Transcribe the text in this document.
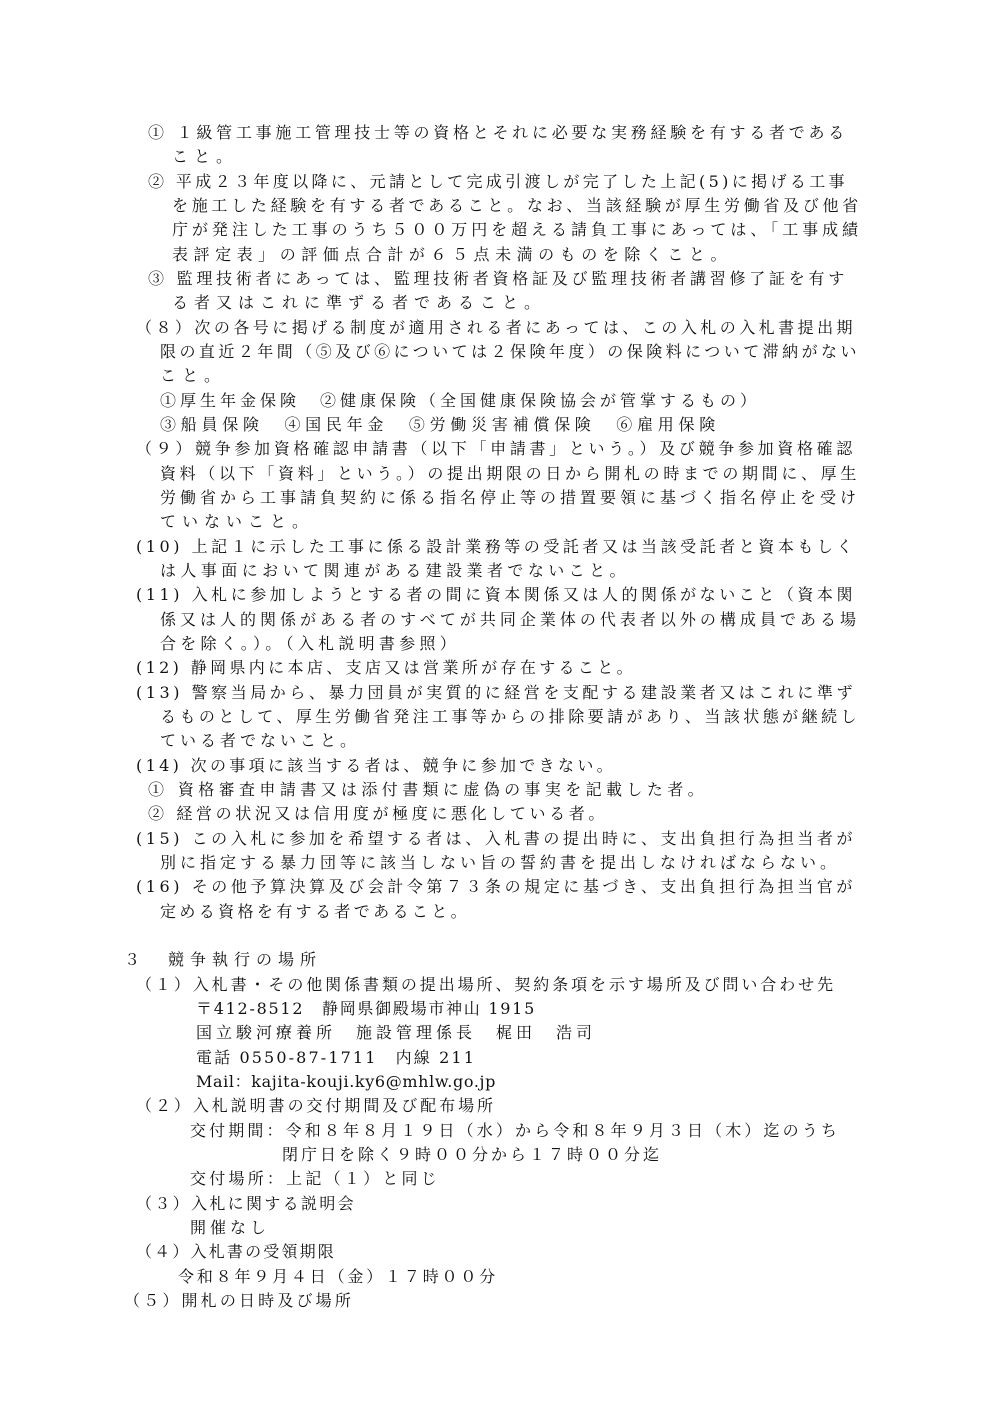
① １級管工事施工管理技士等の資格とそれに必要な実務経験を有する者である
こと。
② 平成２３年度以降に、元請として完成引渡しが完了した上記(5)に掲げる工事
を施工した経験を有する者であること。なお、当該経験が厚生労働省及び他省
庁が発注した工事のうち５００万円を超える請負工事にあっては、「工事成績
表評定表」の評価点合計が６５点未満のものを除くこと。
③ 監理技術者にあっては、監理技術者資格証及び監理技術者講習修了証を有す
る者又はこれに準ずる者であること。
（８）次の各号に掲げる制度が適用される者にあっては、この入札の入札書提出期
限の直近２年間（⑤及び⑥については２保険年度）の保険料について滞納がない
こと。
①厚生年金保険　②健康保険（全国健康保険協会が管掌するもの）
③船員保険　④国民年金　⑤労働災害補償保険　⑥雇用保険
（９）競争参加資格確認申請書（以下「申請書」という。）及び競争参加資格確認
資料（以下「資料」という。）の提出期限の日から開札の時までの期間に、厚生
労働省から工事請負契約に係る指名停止等の措置要領に基づく指名停止を受け
ていないこと。
(10) 上記１に示した工事に係る設計業務等の受託者又は当該受託者と資本もしく
は人事面において関連がある建設業者でないこと。
(11) 入札に参加しようとする者の間に資本関係又は人的関係がないこと（資本関
係又は人的関係がある者のすべてが共同企業体の代表者以外の構成員である場
合を除く。）。（入札説明書参照）
(12) 静岡県内に本店、支店又は営業所が存在すること。
(13) 警察当局から、暴力団員が実質的に経営を支配する建設業者又はこれに準ず
るものとして、厚生労働省発注工事等からの排除要請があり、当該状態が継続し
ている者でないこと。
(14) 次の事項に該当する者は、競争に参加できない。
① 資格審査申請書又は添付書類に虚偽の事実を記載した者。
② 経営の状況又は信用度が極度に悪化している者。
(15) この入札に参加を希望する者は、入札書の提出時に、支出負担行為担当者が
別に指定する暴力団等に該当しない旨の誓約書を提出しなければならない。
(16) その他予算決算及び会計令第７３条の規定に基づき、支出負担行為担当官が
定める資格を有する者であること。
３　競争執行の場所
（１）入札書・その他関係書類の提出場所、契約条項を示す場所及び問い合わせ先
〒412-8512　静岡県御殿場市神山 1915
国立駿河療養所　施設管理係長　梶田　浩司
電話 0550-87-1711　内線 211
Mail：kajita-kouji.ky6@mhlw.go.jp
（２）入札説明書の交付期間及び配布場所
交付期間：令和８年８月１９日（水）から令和８年９月３日（木）迄のうち
閉庁日を除く９時００分から１７時００分迄
交付場所：上記（１）と同じ
（３）入札に関する説明会
開催なし
（４）入札書の受領期限
令和８年９月４日（金）１７時００分
（５）開札の日時及び場所
